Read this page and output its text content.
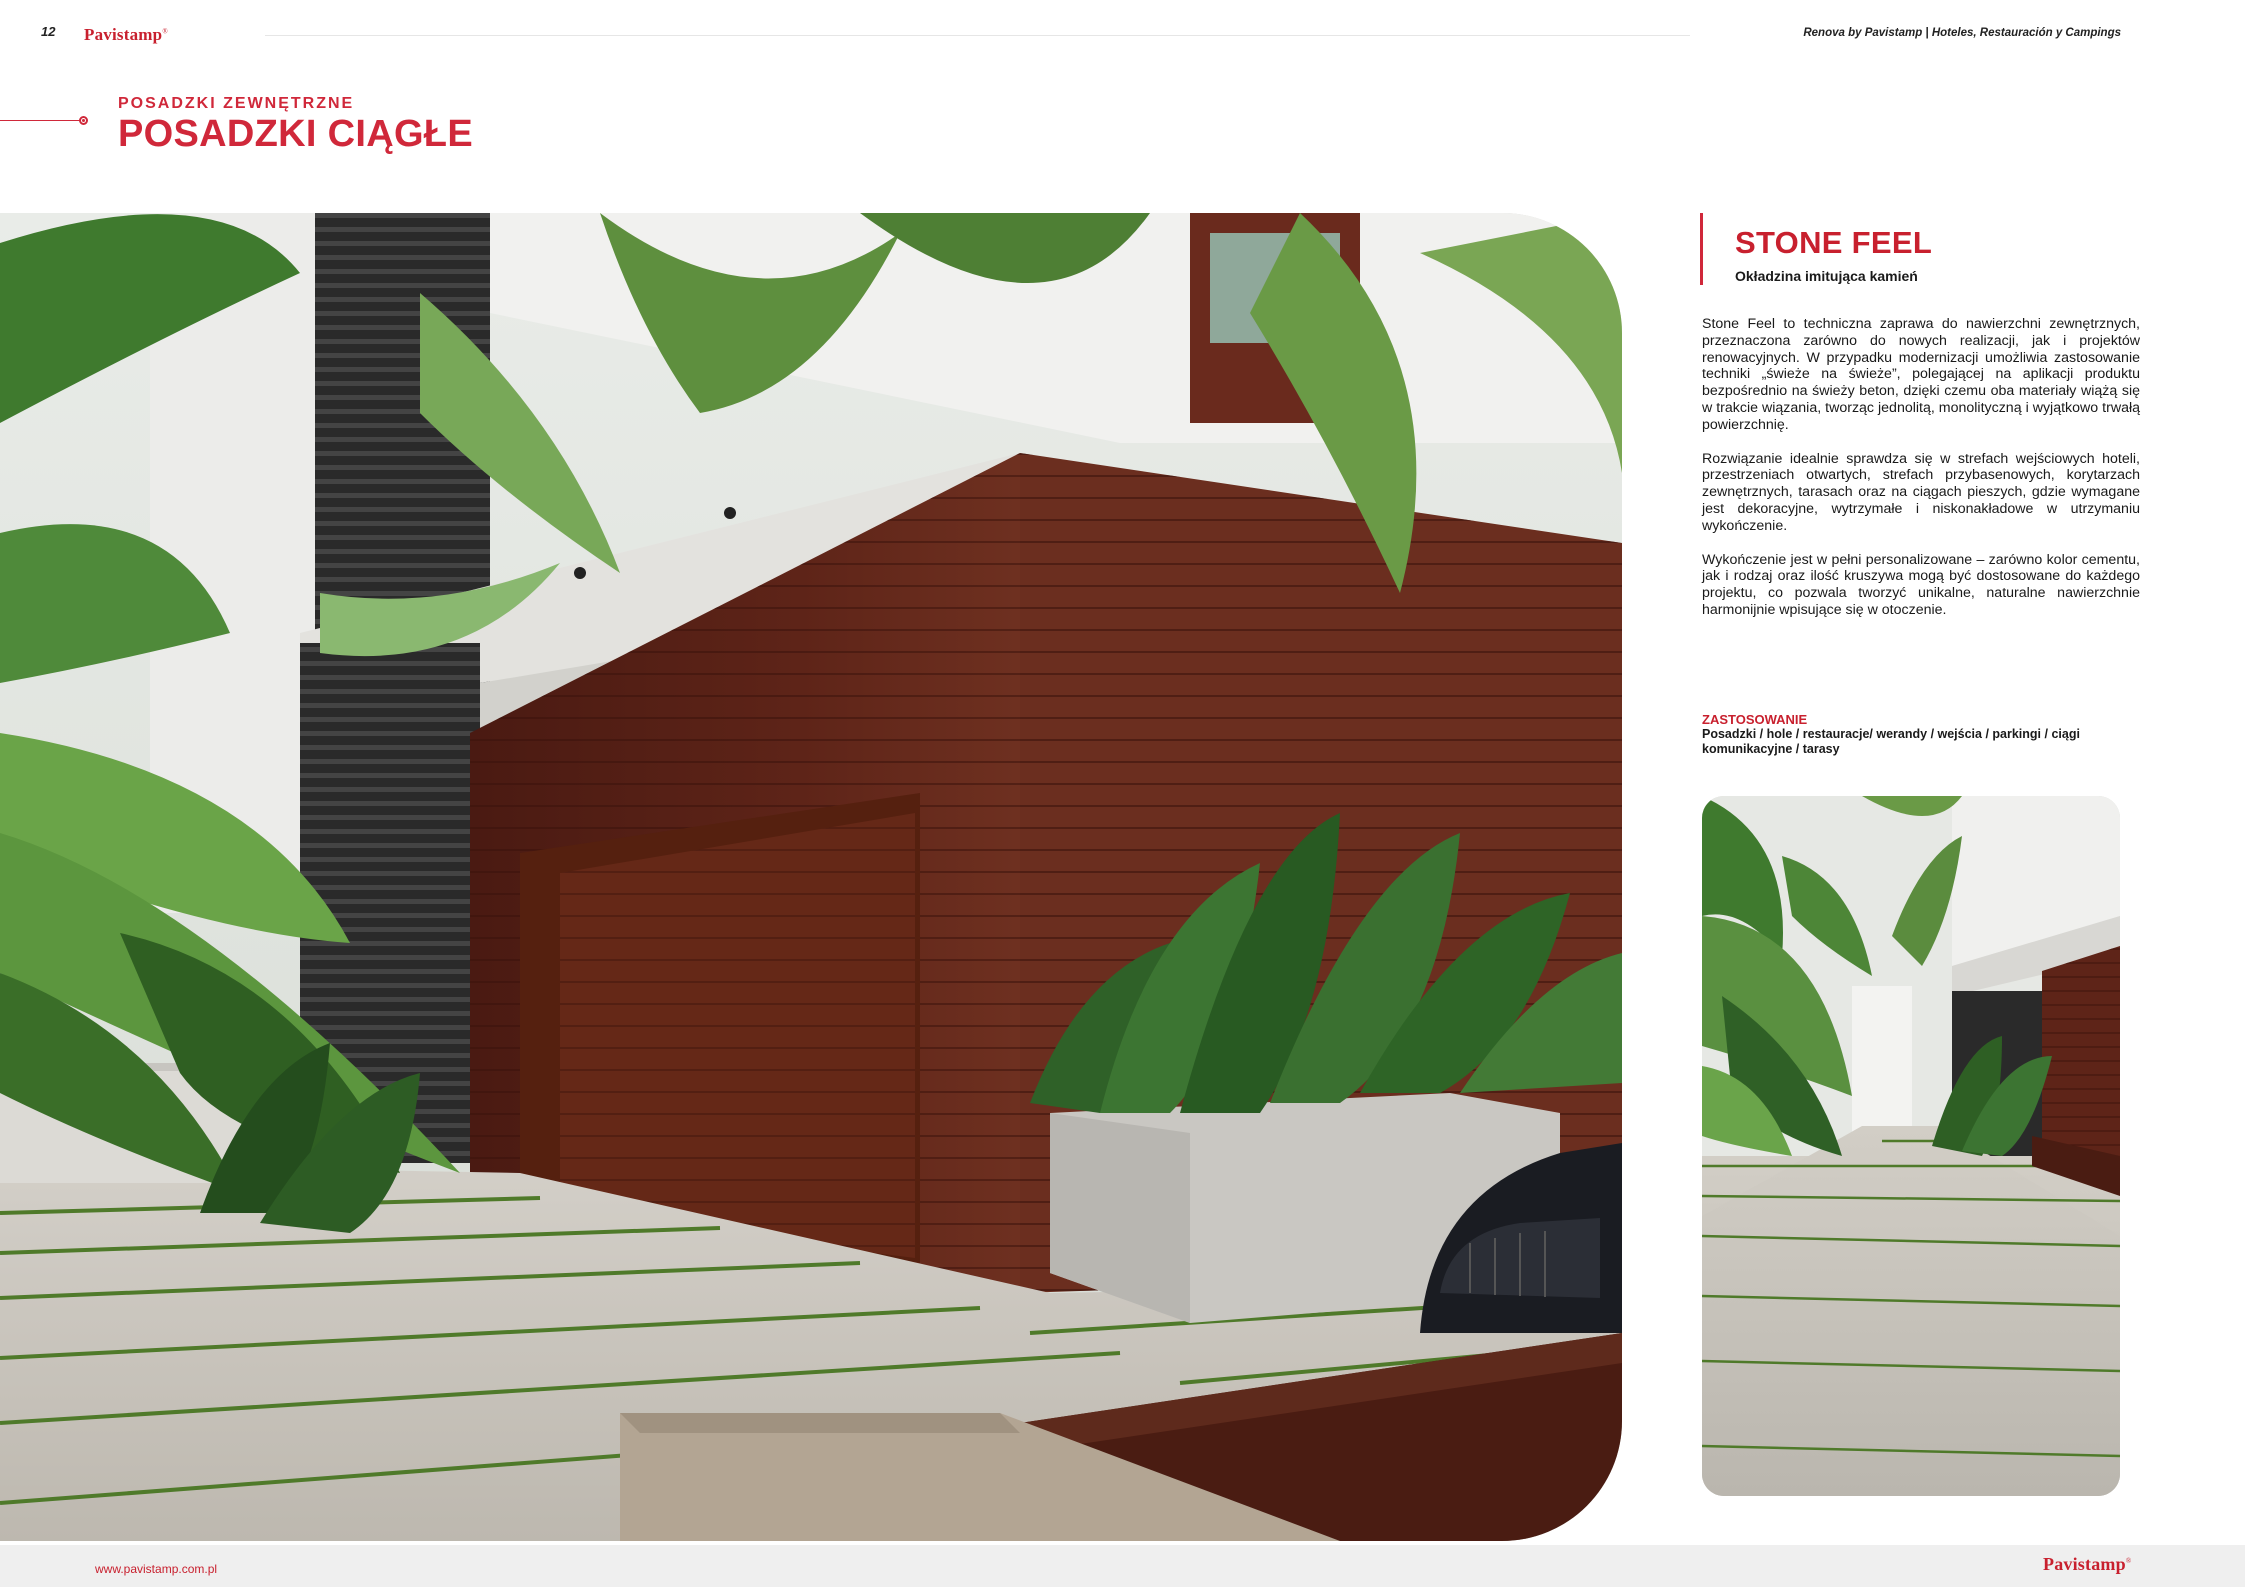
12 Pavistamp®	Renova by Pavistamp | Hoteles, Restauración y Campings
POSADZKI ZEWNĘTRZNE
POSADZKI CIĄGŁE
STONE FEEL
Okładzina imitująca kamień

Stone Feel to techniczna zaprawa do nawierzchni zewnętrznych, przeznaczona zarówno do nowych realizacji, jak i projektów renowacyjnych. W przypadku modernizacji umożliwia zastosowanie techniki „świeże na świeże”, polegającej na aplikacji produktu bezpośrednio na świeży beton, dzięki czemu oba materiały wiążą się w trakcie wiązania, tworząc jednolitą, monolityczną i wyjątkowo trwałą powierzchnię.

Rozwiązanie idealnie sprawdza się w strefach wejściowych hoteli, przestrzeniach otwartych, strefach przybasenowych, korytarzach zewnętrznych, tarasach oraz na ciągach pieszych, gdzie wymagane jest dekoracyjne, wytrzymałe i niskonakładowe w utrzymaniu wykończenie.

Wykończenie jest w pełni personalizowane – zarówno kolor cementu, jak i rodzaj oraz ilość kruszywa mogą być dostosowane do każdego projektu, co pozwala tworzyć unikalne, naturalne nawierzchnie harmonijnie wpisujące się w otoczenie.

ZASTOSOWANIE
Posadzki / hole / restauracje/ werandy / wejścia / parkingi / ciągi komunikacyjne / tarasy
www.pavistamp.com.pl	Pavistamp®
